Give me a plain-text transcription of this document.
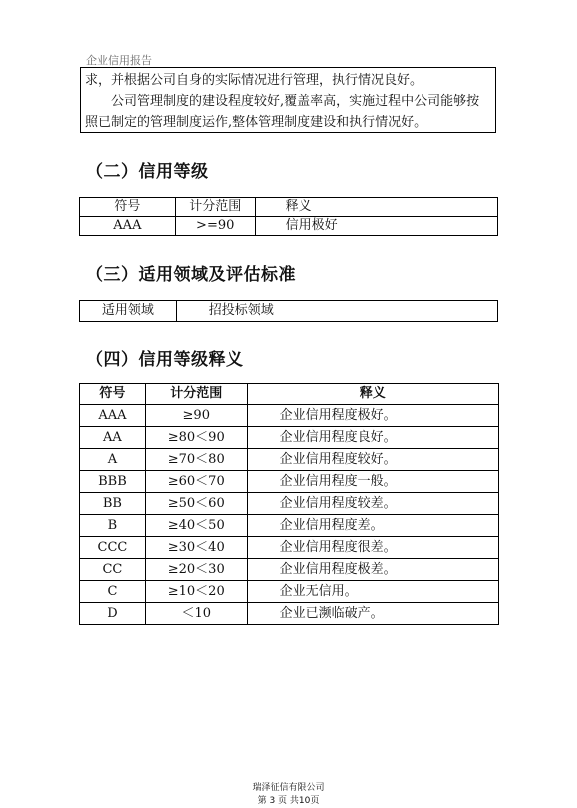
企业信用报告

求，并根据公司自身的实际情况进行管理，执行情况良好。

公司管理制度的建设程度较好,覆盖率高，实施过程中公司能够按照已制定的管理制度运作,整体管理制度建设和执行情况好。

（二）信用等级
符号	计分范围	释义
AAA	>=90	信用极好
（三）适用领域及评估标准
适用领域	招投标领域
（四）信用等级释义
符号	计分范围	释义
AAA	≥90	企业信用程度极好。
AA	≥80＜90	企业信用程度良好。
A	≥70＜80	企业信用程度较好。
BBB	≥60＜70	企业信用程度一般。
BB	≥50＜60	企业信用程度较差。
B	≥40＜50	企业信用程度差。
CCC	≥30＜40	企业信用程度很差。
CC	≥20＜30	企业信用程度极差。
C	≥10＜20	企业无信用。
D	＜10	企业已濒临破产。
瑞泽征信有限公司
第 3 页 共10页
